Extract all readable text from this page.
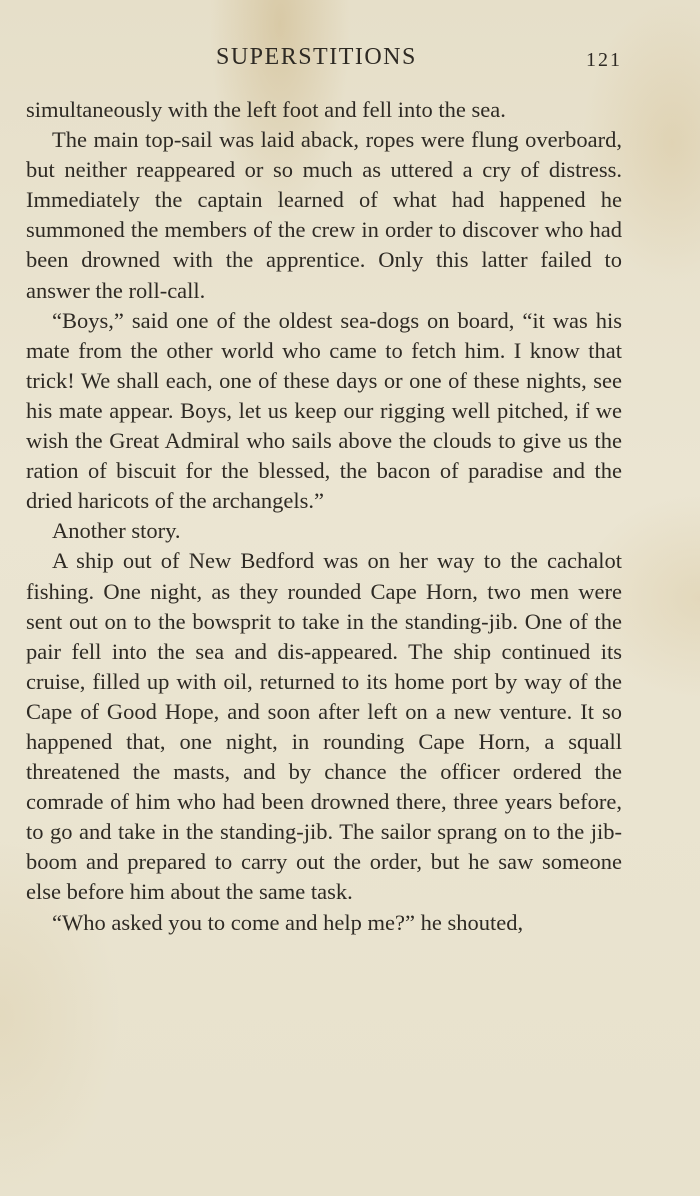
SUPERSTITIONS	121

simultaneously with the left foot and fell into the sea.

The main top-sail was laid aback, ropes were flung overboard, but neither reappeared or so much as uttered a cry of distress. Immediately the captain learned of what had happened he summoned the members of the crew in order to discover who had been drowned with the apprentice. Only this latter failed to answer the roll-call.

“Boys,” said one of the oldest sea-dogs on board, “it was his mate from the other world who came to fetch him. I know that trick! We shall each, one of these days or one of these nights, see his mate appear. Boys, let us keep our rigging well pitched, if we wish the Great Admiral who sails above the clouds to give us the ration of biscuit for the blessed, the bacon of paradise and the dried haricots of the archangels.”

Another story.

A ship out of New Bedford was on her way to the cachalot fishing. One night, as they rounded Cape Horn, two men were sent out on to the bowsprit to take in the standing-jib. One of the pair fell into the sea and dis-appeared. The ship continued its cruise, filled up with oil, returned to its home port by way of the Cape of Good Hope, and soon after left on a new venture. It so happened that, one night, in rounding Cape Horn, a squall threatened the masts, and by chance the officer ordered the comrade of him who had been drowned there, three years before, to go and take in the standing-jib. The sailor sprang on to the jib-boom and prepared to carry out the order, but he saw someone else before him about the same task.

“Who asked you to come and help me?” he shouted,
